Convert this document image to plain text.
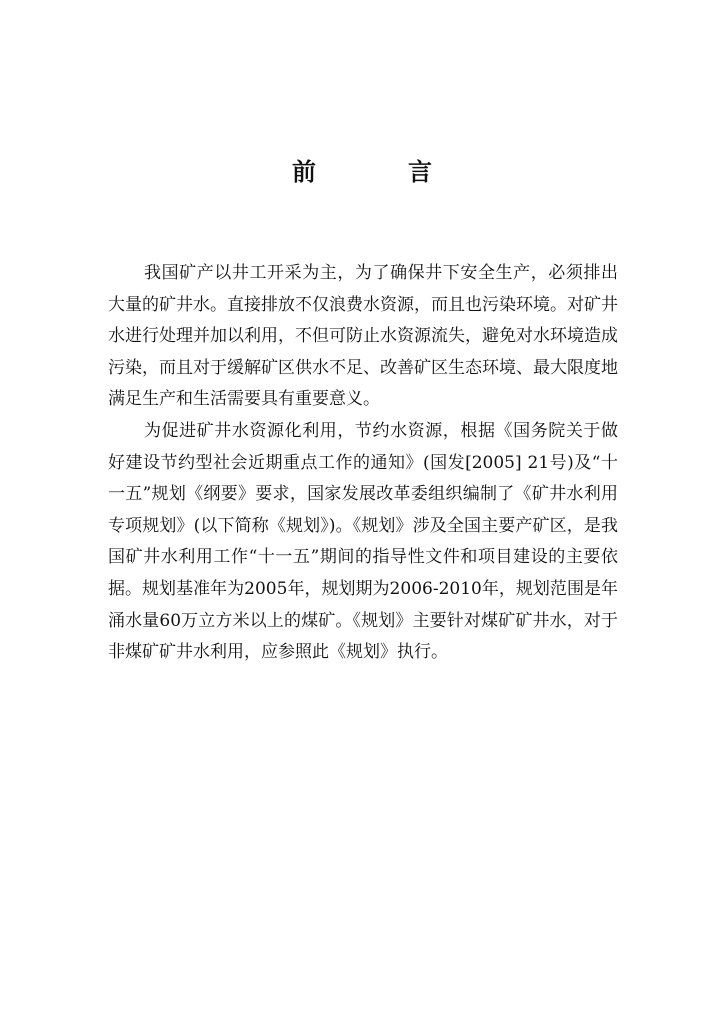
前言

我国矿产以井工开采为主，为了确保井下安全生产，必须排出大量的矿井水。直接排放不仅浪费水资源，而且也污染环境。对矿井水进行处理并加以利用，不但可防止水资源流失，避免对水环境造成污染，而且对于缓解矿区供水不足、改善矿区生态环境、最大限度地满足生产和生活需要具有重要意义。

为促进矿井水资源化利用，节约水资源，根据《国务院关于做好建设节约型社会近期重点工作的通知》(国发[2005] 21号)及“十一五”规划《纲要》要求，国家发展改革委组织编制了《矿井水利用专项规划》(以下简称《规划》)。《规划》涉及全国主要产矿区，是我国矿井水利用工作“十一五”期间的指导性文件和项目建设的主要依据。规划基准年为2005年，规划期为2006-2010年，规划范围是年涌水量60万立方米以上的煤矿。《规划》主要针对煤矿矿井水，对于非煤矿矿井水利用，应参照此《规划》执行。
